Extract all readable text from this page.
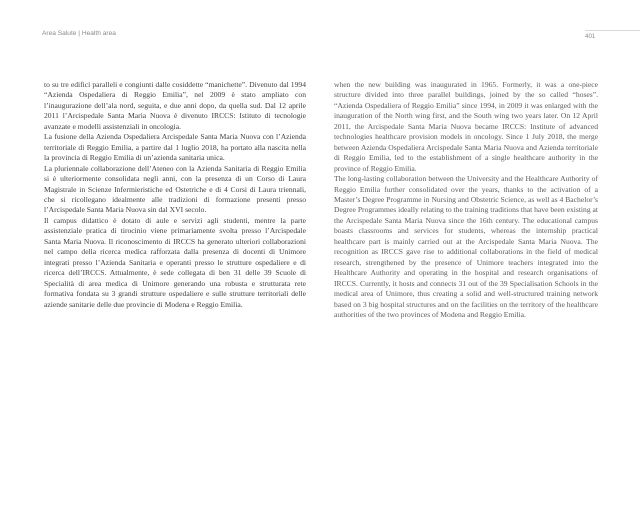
Area Salute | Health area	401

to su tre edifici paralleli e congiunti dalle cosiddette “manichette”. Divenuto dal 1994 “Azienda Ospedaliera di Reggio Emilia”, nel 2009 è stato ampliato con l’inaugurazione dell’ala nord, seguita, e due anni dopo, da quella sud. Dal 12 aprile 2011 l’Arcispedale Santa Maria Nuova è divenuto IRCCS: Istituto di tecnologie avanzate e modelli assistenziali in oncologia.

La fusione della Azienda Ospedaliera Arcispedale Santa Maria Nuova con l’Azienda territoriale di Reggio Emilia, a partire dal 1 luglio 2018, ha portato alla nascita nella la provincia di Reggio Emilia di un’azienda sanitaria unica.

La pluriennale collaborazione dell’Ateneo con la Azienda Sanitaria di Reggio Emilia si è ulteriormente consolidata negli anni, con la presenza di un Corso di Laura Magistrale in Scienze Infermieristiche ed Ostetriche e di 4 Corsi di Laura triennali, che si ricollegano idealmente alle tradizioni di formazione presenti presso l’Arcispedale Santa Maria Nuova sin dal XVI secolo.

Il campus didattico è dotato di aule e servizi agli studenti, mentre la parte assistenziale pratica di tirocinio viene primariamente svolta presso l’Arcispedale Santa Maria Nuova. Il riconoscimento di IRCCS ha generato ulteriori collaborazioni nel campo della ricerca medica rafforzata dalla presenza di docenti di Unimore integrati presso l’Azienda Sanitaria e operanti presso le strutture ospedaliere e di ricerca dell’IRCCS. Attualmente, è sede collegata di ben 31 delle 39 Scuole di Specialità di area medica di Unimore generando una robusta e strutturata rete formativa fondata su 3 grandi strutture ospedaliere e sulle strutture territoriali delle aziende sanitarie delle due provincie di Modena e Reggio Emilia.

when the new building was inaugurated in 1965. Formerly, it was a one-piece structure divided into three parallel buildings, joined by the so called “hoses”. “Azienda Ospedaliera of Reggio Emilia” since 1994, in 2009 it was enlarged with the inauguration of the North wing first, and the South wing two years later. On 12 April 2011, the Arcispedale Santa Maria Nuova became IRCCS: Institute of advanced technologies healthcare provision models in oncology. Since 1 July 2018, the merge between Azienda Ospedaliera Arcispedale Santa Maria Nuova and Azienda territoriale di Reggio Emilia, led to the establishment of a single healthcare authority in the province of Reggio Emilia.

The long-lasting collaboration between the University and the Healthcare Authority of Reggio Emilia further consolidated over the years, thanks to the activation of a Master’s Degree Programme in Nursing and Obstetric Science, as well as 4 Bachelor’s Degree Programmes ideally relating to the training traditions that have been existing at the Arcispedale Santa Maria Nuova since the 16th century. The educational campus boasts classrooms and services for students, whereas the internship practical healthcare part is mainly carried out at the Arcispedale Santa Maria Nuova. The recognition as IRCCS gave rise to additional collaborations in the field of medical research, strengthened by the presence of Unimore teachers integrated into the Healthcare Authority and operating in the hospital and research organisations of IRCCS. Currently, it hosts and connects 31 out of the 39 Specialisation Schools in the medical area of Unimore, thus creating a solid and well-structured training network based on 3 big hospital structures and on the facilities on the territory of the healthcare authorities of the two provinces of Modena and Reggio Emilia.
